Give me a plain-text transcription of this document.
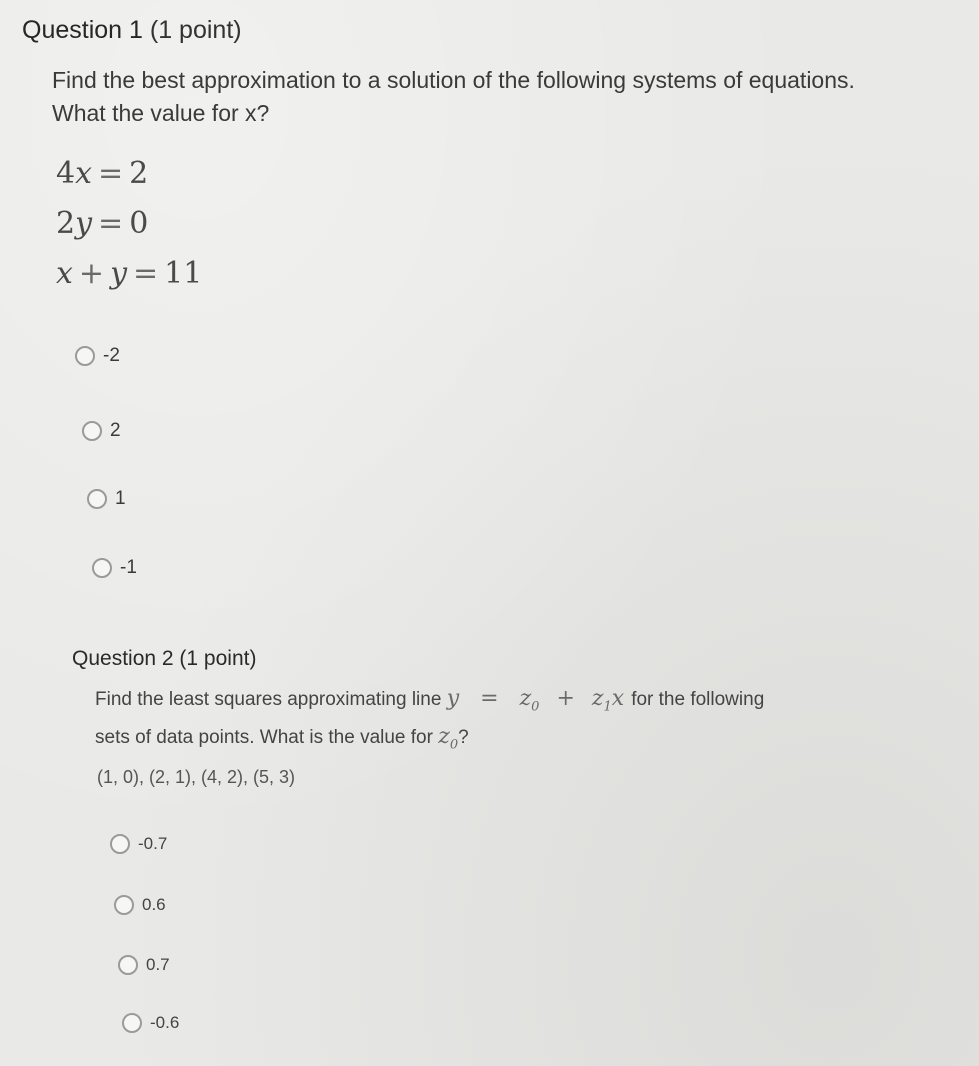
Question 1 (1 point)
Find the best approximation to a solution of the following systems of equations.
What the value for x?
4x = 2
2y = 0
x + y = 11
-2
2
1
-1
Question 2 (1 point)
Find the least squares approximating line $y = z_0 + z_1x$ for the following
sets of data points. What is the value for $z_0$?
(1, 0), (2, 1), (4, 2), (5, 3)
-0.7
0.6
0.7
-0.6
